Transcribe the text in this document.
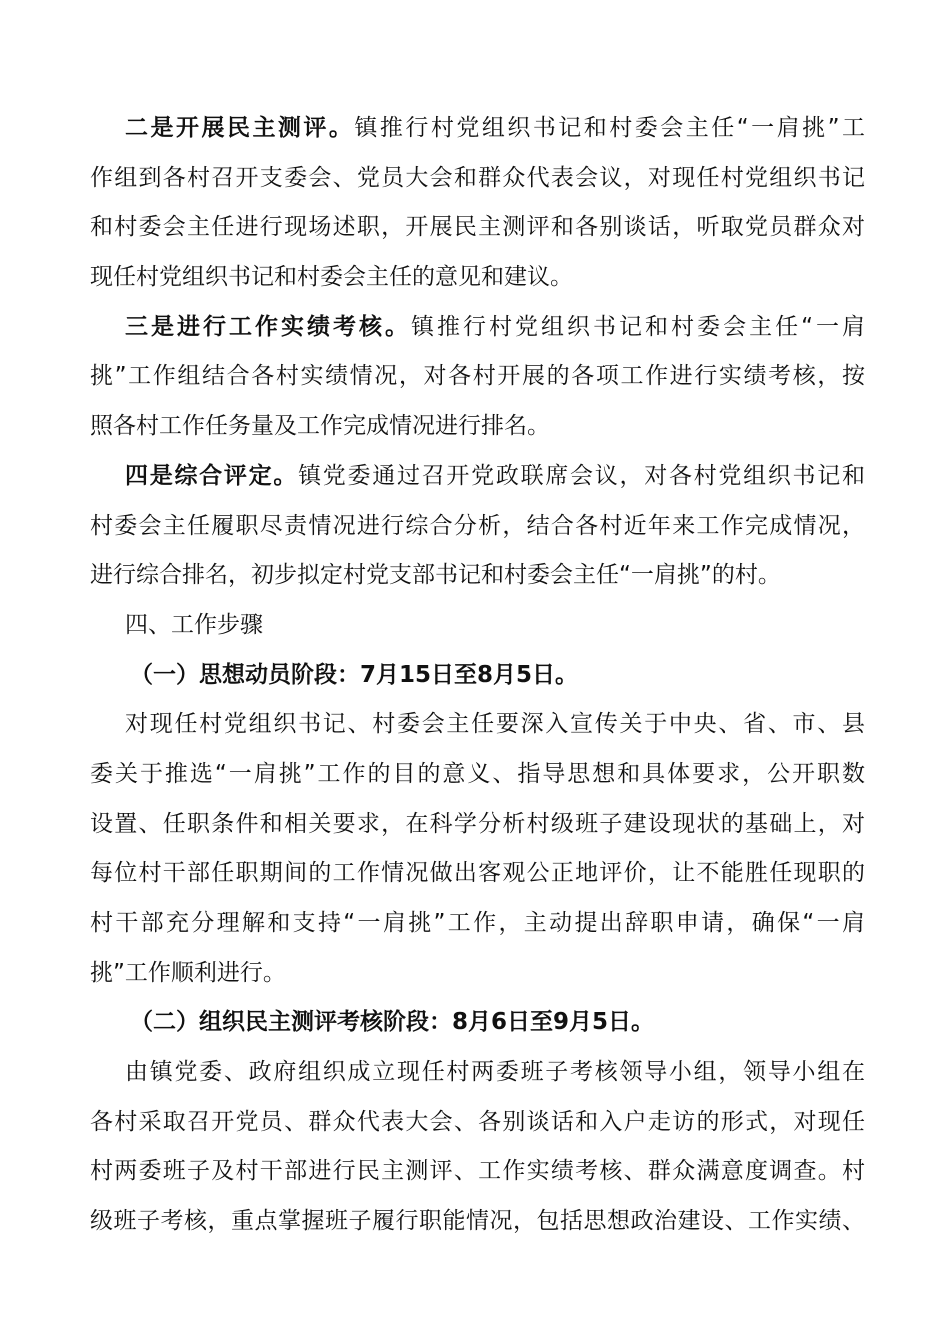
二是开展民主测评。镇推行村党组织书记和村委会主任“一肩挑”工
作组到各村召开支委会、党员大会和群众代表会议，对现任村党组织书记
和村委会主任进行现场述职，开展民主测评和各别谈话，听取党员群众对
现任村党组织书记和村委会主任的意见和建议。
三是进行工作实绩考核。镇推行村党组织书记和村委会主任“一肩
挑”工作组结合各村实绩情况，对各村开展的各项工作进行实绩考核，按
照各村工作任务量及工作完成情况进行排名。
四是综合评定。镇党委通过召开党政联席会议，对各村党组织书记和
村委会主任履职尽责情况进行综合分析，结合各村近年来工作完成情况，
进行综合排名，初步拟定村党支部书记和村委会主任“一肩挑”的村。
四、工作步骤
（一）思想动员阶段：7月15日至8月5日。
对现任村党组织书记、村委会主任要深入宣传关于中央、省、市、县
委关于推选“一肩挑”工作的目的意义、指导思想和具体要求，公开职数
设置、任职条件和相关要求，在科学分析村级班子建设现状的基础上，对
每位村干部任职期间的工作情况做出客观公正地评价，让不能胜任现职的
村干部充分理解和支持“一肩挑”工作，主动提出辞职申请，确保“一肩
挑”工作顺利进行。
（二）组织民主测评考核阶段：8月6日至9月5日。
由镇党委、政府组织成立现任村两委班子考核领导小组，领导小组在
各村采取召开党员、群众代表大会、各别谈话和入户走访的形式，对现任
村两委班子及村干部进行民主测评、工作实绩考核、群众满意度调查。村
级班子考核，重点掌握班子履行职能情况，包括思想政治建设、工作实绩、
